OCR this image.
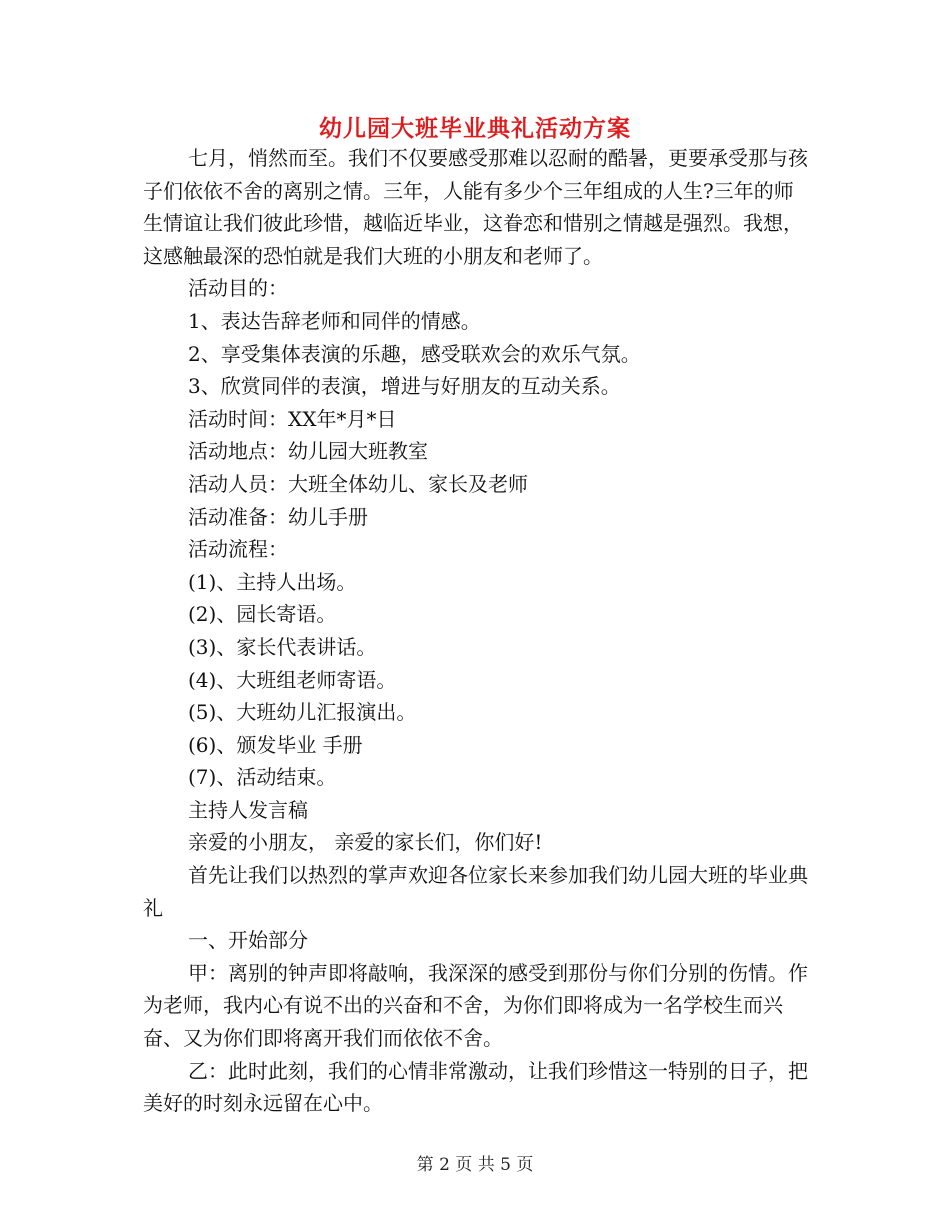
幼儿园大班毕业典礼活动方案

七月，悄然而至。我们不仅要感受那难以忍耐的酷暑，更要承受那与孩子们依依不舍的离别之情。三年，人能有多少个三年组成的人生?三年的师生情谊让我们彼此珍惜，越临近毕业，这眷恋和惜别之情越是强烈。我想，这感触最深的恐怕就是我们大班的小朋友和老师了。

活动目的：

1、表达告辞老师和同伴的情感。

2、享受集体表演的乐趣，感受联欢会的欢乐气氛。

3、欣赏同伴的表演，增进与好朋友的互动关系。

活动时间：XX年*月*日

活动地点：幼儿园大班教室

活动人员：大班全体幼儿、家长及老师

活动准备：幼儿手册

活动流程：

(1)、主持人出场。

(2)、园长寄语。

(3)、家长代表讲话。

(4)、大班组老师寄语。

(5)、大班幼儿汇报演出。

(6)、颁发毕业 手册

(7)、活动结束。

主持人发言稿

亲爱的小朋友， 亲爱的家长们，你们好!

首先让我们以热烈的掌声欢迎各位家长来参加我们幼儿园大班的毕业典礼

一、开始部分

甲：离别的钟声即将敲响，我深深的感受到那份与你们分别的伤情。作为老师，我内心有说不出的兴奋和不舍，为你们即将成为一名学校生而兴奋、又为你们即将离开我们而依依不舍。

乙：此时此刻，我们的心情非常激动，让我们珍惜这一特别的日子，把美好的时刻永远留在心中。

第 2 页 共 5 页
